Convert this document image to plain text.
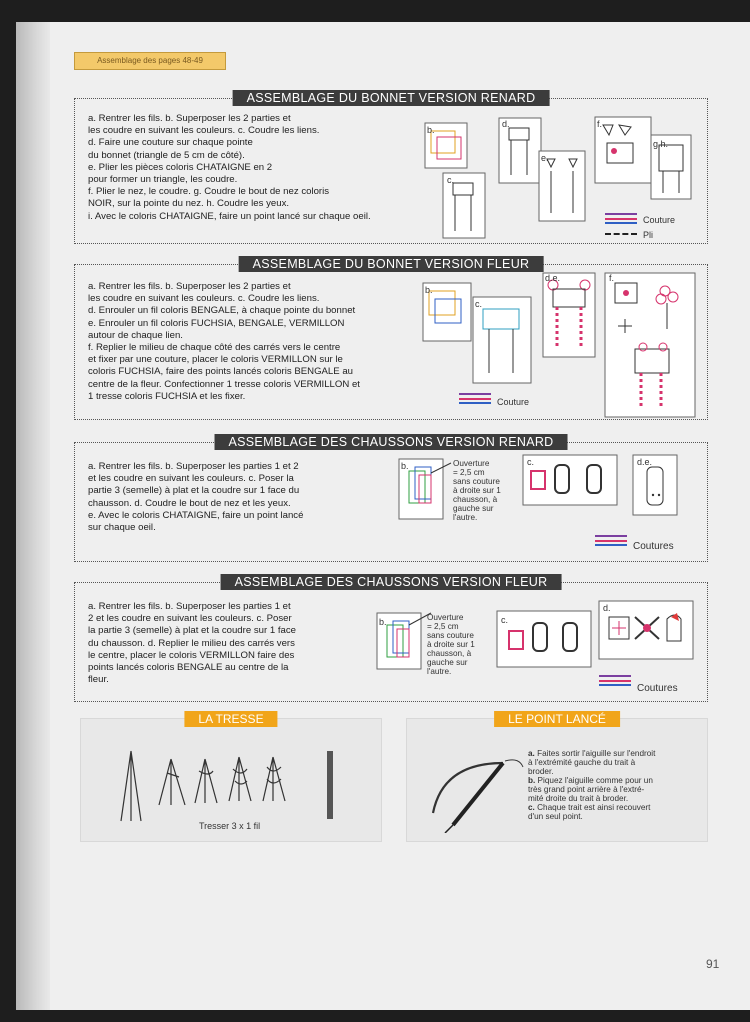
Assemblage des pages 48-49
ASSEMBLAGE DU BONNET VERSION RENARD
a. Rentrer les fils. b. Superposer les 2 parties et
les coudre en suivant les couleurs. c. Coudre les liens.
d. Faire une couture sur chaque pointe
du bonnet (triangle de 5 cm de côté).
e. Plier les pièces coloris CHATAIGNE en 2
pour former un triangle, les coudre.
f. Plier le nez, le coudre. g. Coudre le bout de nez coloris
NOIR, sur la pointe du nez. h. Coudre les yeux.
i. Avec le coloris CHATAIGNE, faire un point lancé sur chaque oeil.
b.
c.
d.
e.
f.
g.h.
Couture
Pli
ASSEMBLAGE DU BONNET VERSION FLEUR
a. Rentrer les fils. b. Superposer les 2 parties et
les coudre en suivant les couleurs. c. Coudre les liens.
d. Enrouler un fil coloris BENGALE, à chaque pointe du bonnet
e. Enrouler un fil coloris FUCHSIA, BENGALE, VERMILLON
autour de chaque lien.
f. Replier le milieu de chaque côté des carrés vers le centre
et fixer par une couture, placer le coloris VERMILLON sur le
coloris FUCHSIA, faire des points lancés coloris BENGALE au
centre de la fleur. Confectionner 1 tresse coloris VERMILLON et
1 tresse coloris FUCHSIA et les fixer.
b.
c.
d.e.	f.
Couture
ASSEMBLAGE DES CHAUSSONS VERSION RENARD
a. Rentrer les fils. b. Superposer les parties 1 et 2
et les coudre en suivant les couleurs. c. Poser la
partie 3 (semelle) à plat et la coudre sur 1 face du
chausson. d. Coudre le bout de nez et les yeux.
e. Avec le coloris CHATAIGNE, faire un point lancé
sur chaque oeil.
b.	c.	d.e.
Ouverture
= 2,5 cm
sans couture
à droite sur 1
chausson, à
gauche sur
l'autre.
Coutures
ASSEMBLAGE DES CHAUSSONS VERSION FLEUR
a. Rentrer les fils. b. Superposer les parties 1 et
2 et les coudre en suivant les couleurs. c. Poser
la partie 3 (semelle) à plat et la coudre sur 1 face
du chausson. d. Replier le milieu des carrés vers
le centre, placer le coloris VERMILLON faire des
points lancés coloris BENGALE au centre de la
fleur.
b.	c.
d.
Ouverture
= 2,5 cm
sans couture
à droite sur 1
chausson, à
gauche sur
l'autre.
Coutures
LA TRESSE
Tresser 3 x 1 fil
LE POINT LANCÉ
a. Faites sortir l'aiguille sur l'endroit
à l'extrémité gauche du trait à
broder.
b. Piquez l'aiguille comme pour un
très grand point arrière à l'extré-
mité droite du trait à broder.
c. Chaque trait est ainsi recouvert
d'un seul point.
91
